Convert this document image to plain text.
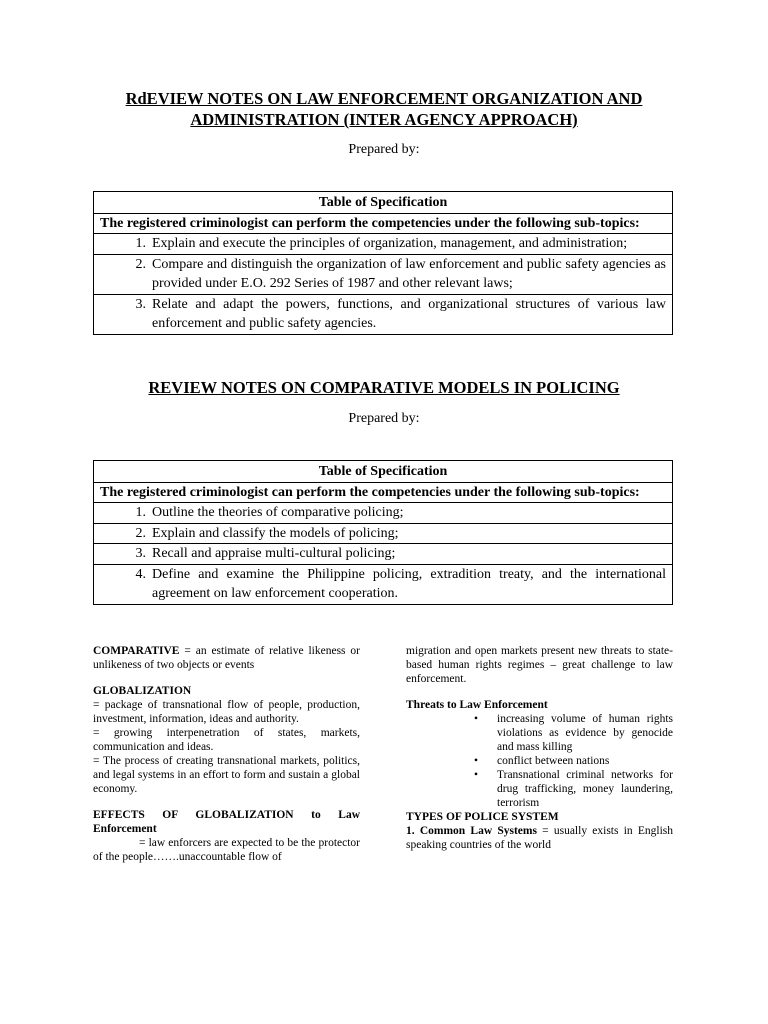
RdEVIEW NOTES ON LAW ENFORCEMENT ORGANIZATION AND
ADMINISTRATION (INTER AGENCY APPROACH)
Prepared by:
Table of Specification
The registered criminologist can perform the competencies under the following sub-topics:

1. Explain and execute the principles of organization, management, and administration;

2. Compare and distinguish the organization of law enforcement and public safety agencies as provided under E.O. 292 Series of 1987 and other relevant laws;

3. Relate and adapt the powers, functions, and organizational structures of various law enforcement and public safety agencies.
REVIEW NOTES ON COMPARATIVE MODELS IN POLICING
Prepared by:
Table of Specification
The registered criminologist can perform the competencies under the following sub-topics:

1. Outline the theories of comparative policing;

2. Explain and classify the models of policing;

3. Recall and appraise multi-cultural policing;

4. Define and examine the Philippine policing, extradition treaty, and the international agreement on law enforcement cooperation.

COMPARATIVE = an estimate of relative likeness or unlikeness of two objects or events

GLOBALIZATION

= package of transnational flow of people, production, investment, information, ideas and authority.

= growing interpenetration of states, markets, communication and ideas.

= The process of creating transnational markets, politics, and legal systems in an effort to form and sustain a global economy.

EFFECTS OF GLOBALIZATION to Law Enforcement

= law enforcers are expected to be the protector of the people…….unaccountable flow of

migration and open markets present new threats to state-based human rights regimes – great challenge to law enforcement.

Threats to Law Enforcement

• increasing volume of human rights violations as evidence by genocide and mass killing
• conflict between nations
• Transnational criminal networks for drug trafficking, money laundering, terrorism

TYPES OF POLICE SYSTEM

1. Common Law Systems = usually exists in English speaking countries of the world
